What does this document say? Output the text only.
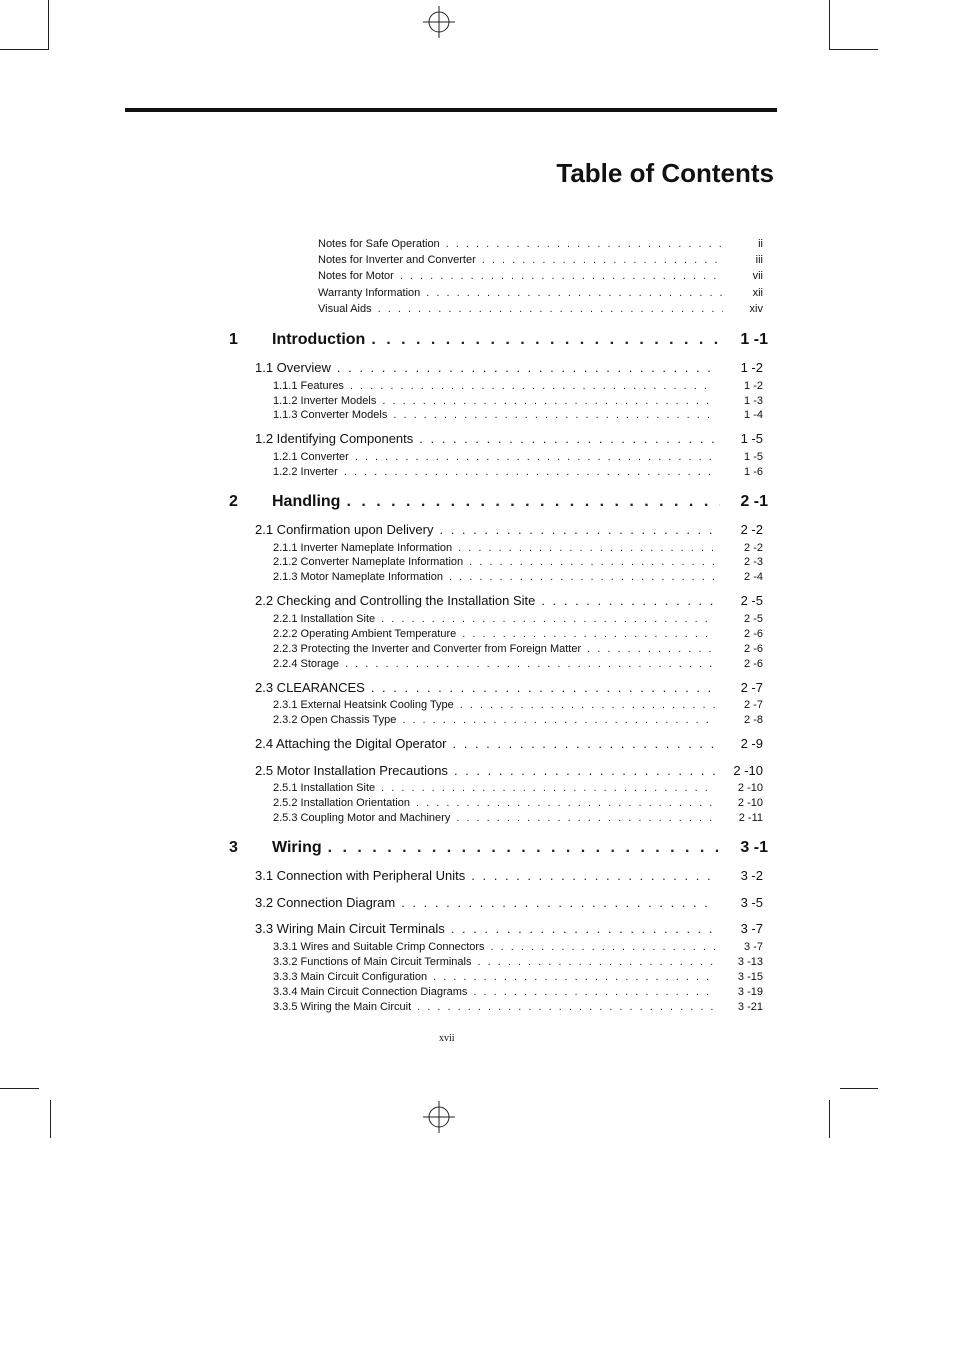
Table of Contents
Notes for Safe Operation . . .	ii
Notes for Inverter and Converter . . .	iii
Notes for Motor . . .	vii
Warranty Information . . .	xii
Visual Aids . . .	xiv
1	Introduction . . .	1 -1
1.1 Overview . . .	1 -2
1.1.1 Features . . .	1 -2
1.1.2 Inverter Models . . .	1 -3
1.1.3 Converter Models . . .	1 -4
1.2 Identifying Components . . .	1 -5
1.2.1 Converter . . .	1 -5
1.2.2 Inverter . . .	1 -6
2	Handling . . .	2 -1
2.1 Confirmation upon Delivery . . .	2 -2
2.1.1 Inverter Nameplate Information . . .	2 -2
2.1.2 Converter Nameplate Information . . .	2 -3
2.1.3 Motor Nameplate Information . . .	2 -4
2.2 Checking and Controlling the Installation Site . . .	2 -5
2.2.1 Installation Site . . .	2 -5
2.2.2 Operating Ambient Temperature . . .	2 -6
2.2.3 Protecting the Inverter and Converter from Foreign Matter . . .	2 -6
2.2.4 Storage . . .	2 -6
2.3 CLEARANCES . . .	2 -7
2.3.1 External Heatsink Cooling Type . . .	2 -7
2.3.2 Open Chassis Type . . .	2 -8
2.4 Attaching the Digital Operator . . .	2 -9
2.5 Motor Installation Precautions . . .	2 -10
2.5.1 Installation Site . . .	2 -10
2.5.2 Installation Orientation . . .	2 -10
2.5.3 Coupling Motor and Machinery . . .	2 -11
3	Wiring . . .	3 -1
3.1 Connection with Peripheral Units . . .	3 -2
3.2 Connection Diagram . . .	3 -5
3.3 Wiring Main Circuit Terminals . . .	3 -7
3.3.1 Wires and Suitable Crimp Connectors . . .	3 -7
3.3.2 Functions of Main Circuit Terminals . . .	3 -13
3.3.3 Main Circuit Configuration . . .	3 -15
3.3.4 Main Circuit Connection Diagrams . . .	3 -19
3.3.5 Wiring the Main Circuit . . .	3 -21
xvii
